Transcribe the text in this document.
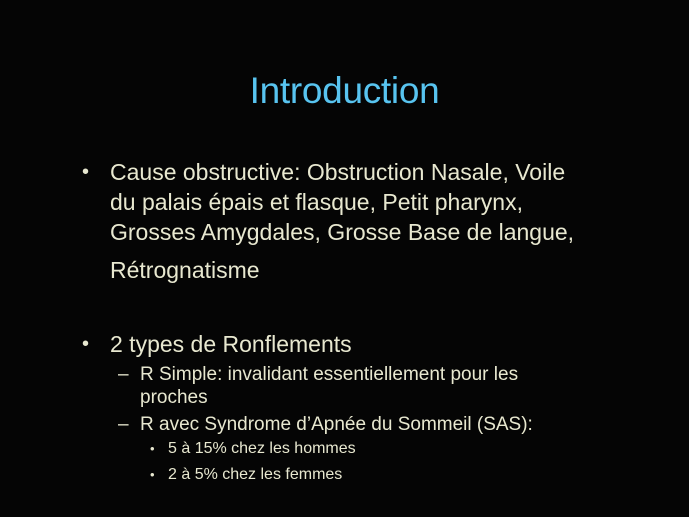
Introduction
• Cause obstructive: Obstruction Nasale, Voile
du palais épais et flasque, Petit pharynx,
Grosses Amygdales, Grosse Base de langue,
Rétrognatisme
• 2 types de Ronflements
– R Simple: invalidant essentiellement pour les
proches
– R avec Syndrome d’Apnée du Sommeil (SAS):
• 5 à 15% chez les hommes
• 2 à 5% chez les femmes
